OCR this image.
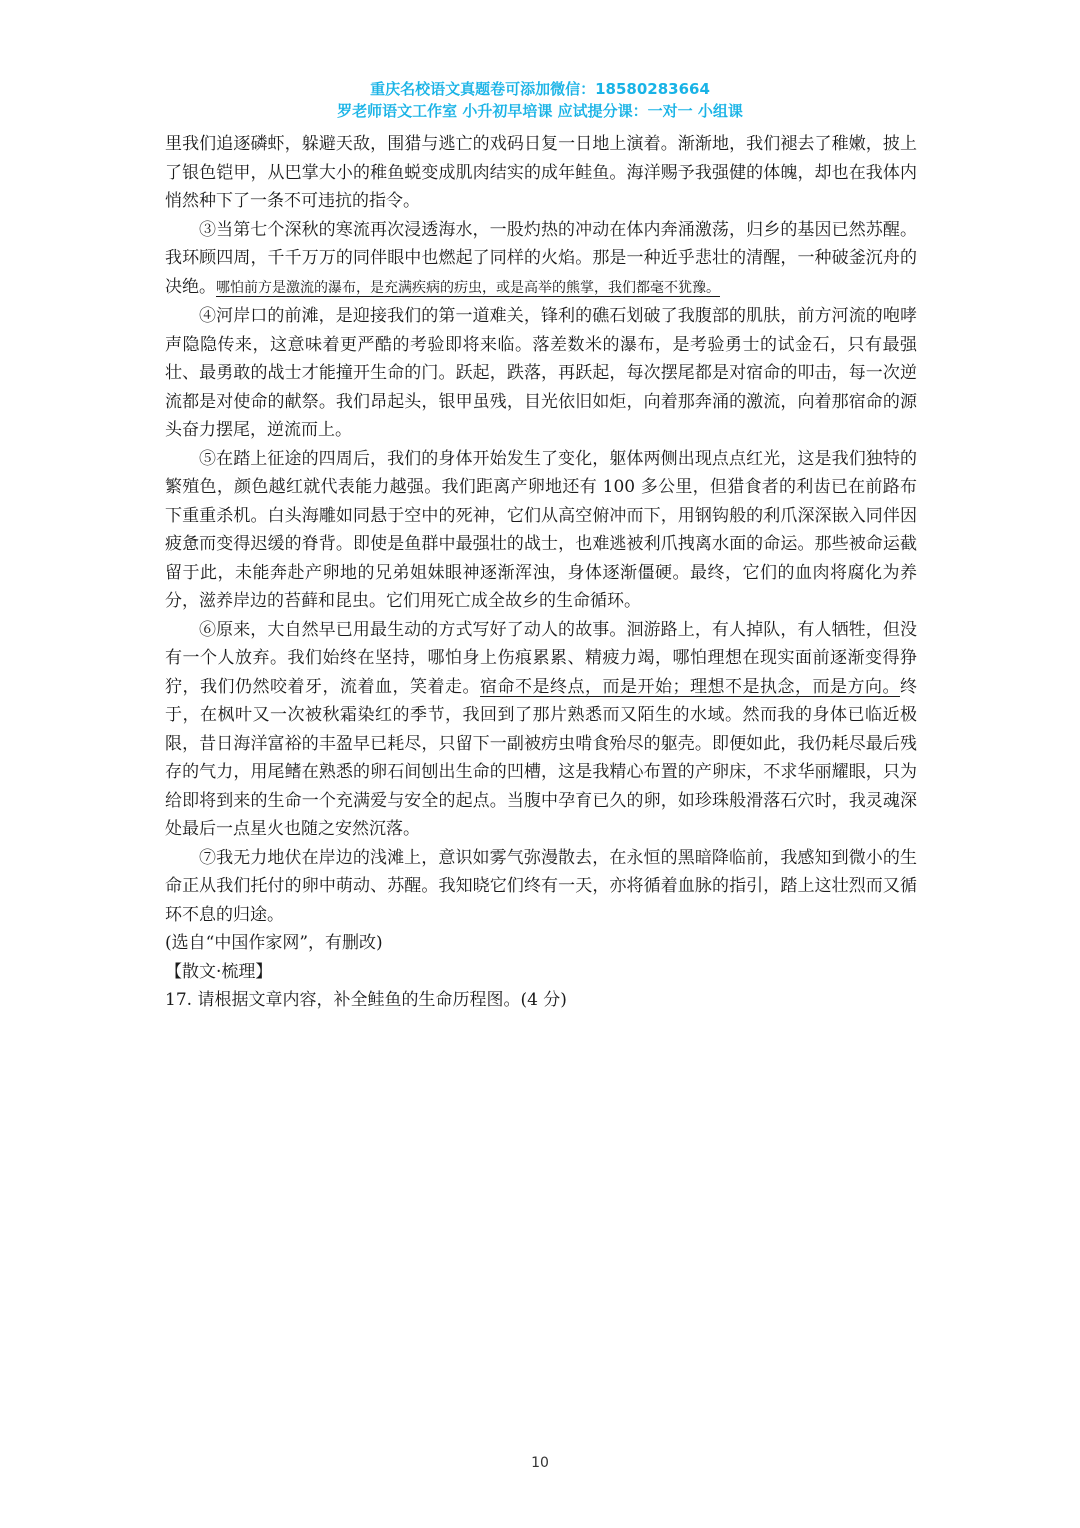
重庆名校语文真题卷可添加微信：18580283664
罗老师语文工作室 小升初早培课 应试提分课：一对一 小组课

里我们追逐磷虾，躲避天敌，围猎与逃亡的戏码日复一日地上演着。渐渐地，我们褪去了稚嫩，披上了银色铠甲，从巴掌大小的稚鱼蜕变成肌肉结实的成年鲑鱼。海洋赐予我强健的体魄，却也在我体内悄然种下了一条不可违抗的指令。

③当第七个深秋的寒流再次浸透海水，一股灼热的冲动在体内奔涌激荡，归乡的基因已然苏醒。我环顾四周，千千万万的同伴眼中也燃起了同样的火焰。那是一种近乎悲壮的清醒，一种破釜沉舟的决绝。哪怕前方是激流的瀑布，是充满疾病的疠虫，或是高举的熊掌，我们都毫不犹豫。

④河岸口的前滩，是迎接我们的第一道难关，锋利的礁石划破了我腹部的肌肤，前方河流的咆哮声隐隐传来，这意味着更严酷的考验即将来临。落差数米的瀑布，是考验勇士的试金石，只有最强壮、最勇敢的战士才能撞开生命的门。跃起，跌落，再跃起，每次摆尾都是对宿命的叩击，每一次逆流都是对使命的献祭。我们昂起头，银甲虽残，目光依旧如炬，向着那奔涌的激流，向着那宿命的源头奋力摆尾，逆流而上。

⑤在踏上征途的四周后，我们的身体开始发生了变化，躯体两侧出现点点红光，这是我们独特的繁殖色，颜色越红就代表能力越强。我们距离产卵地还有 100 多公里，但猎食者的利齿已在前路布下重重杀机。白头海雕如同悬于空中的死神，它们从高空俯冲而下，用钢钩般的利爪深深嵌入同伴因疲惫而变得迟缓的脊背。即使是鱼群中最强壮的战士，也难逃被利爪拽离水面的命运。那些被命运截留于此，未能奔赴产卵地的兄弟姐妹眼神逐渐浑浊，身体逐渐僵硬。最终，它们的血肉将腐化为养分，滋养岸边的苔藓和昆虫。它们用死亡成全故乡的生命循环。

⑥原来，大自然早已用最生动的方式写好了动人的故事。洄游路上，有人掉队，有人牺牲，但没有一个人放弃。我们始终在坚持，哪怕身上伤痕累累、精疲力竭，哪怕理想在现实面前逐渐变得狰狞，我们仍然咬着牙，流着血，笑着走。宿命不是终点，而是开始；理想不是执念，而是方向。终于，在枫叶又一次被秋霜染红的季节，我回到了那片熟悉而又陌生的水域。然而我的身体已临近极限，昔日海洋富裕的丰盈早已耗尽，只留下一副被疠虫啃食殆尽的躯壳。即便如此，我仍耗尽最后残存的气力，用尾鳍在熟悉的卵石间刨出生命的凹槽，这是我精心布置的产卵床，不求华丽耀眼，只为给即将到来的生命一个充满爱与安全的起点。当腹中孕育已久的卵，如珍珠般滑落石穴时，我灵魂深处最后一点星火也随之安然沉落。

⑦我无力地伏在岸边的浅滩上，意识如雾气弥漫散去，在永恒的黑暗降临前，我感知到微小的生命正从我们托付的卵中萌动、苏醒。我知晓它们终有一天，亦将循着血脉的指引，踏上这壮烈而又循环不息的归途。

(选自“中国作家网”，有删改)

【散文·梳理】

17. 请根据文章内容，补全鲑鱼的生命历程图。(4 分)

10
